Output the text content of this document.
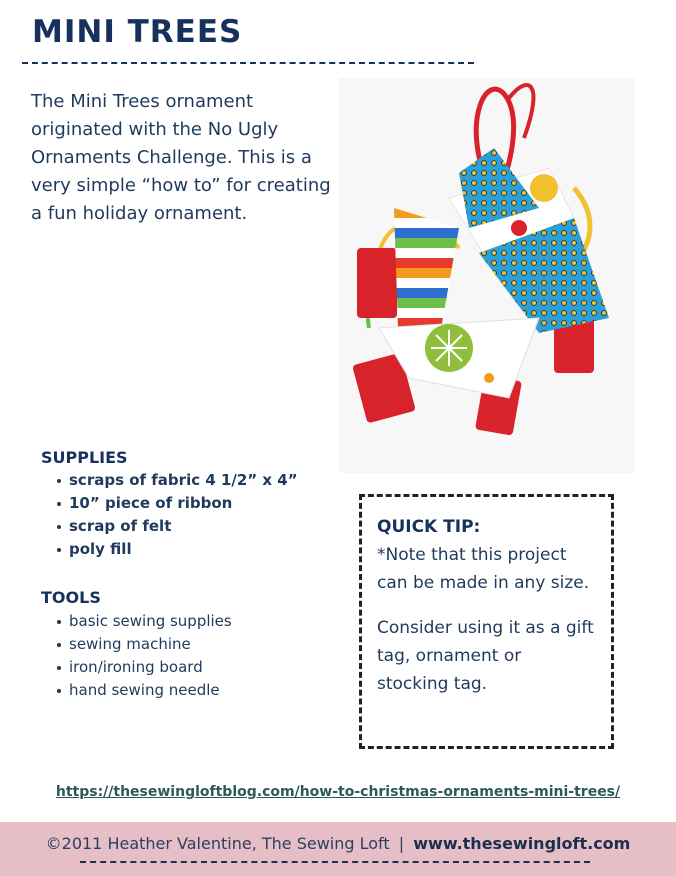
MINI TREES

The Mini Trees ornament originated with the No Ugly Ornaments Challenge. This is a very simple “how to” for creating a fun holiday ornament.

SUPPLIES
scraps of fabric 4 1/2” x 4”
10” piece of ribbon
scrap of felt
poly fill
TOOLS
basic sewing supplies
sewing machine
iron/ironing board
hand sewing needle
QUICK TIP:

*Note that this project can be made in any size.

Consider using it as a gift tag, ornament or stocking tag.

https://thesewingloftblog.com/how-to-christmas-ornaments-mini-trees/
©2011 Heather Valentine, The Sewing Loft | www.thesewingloft.com
